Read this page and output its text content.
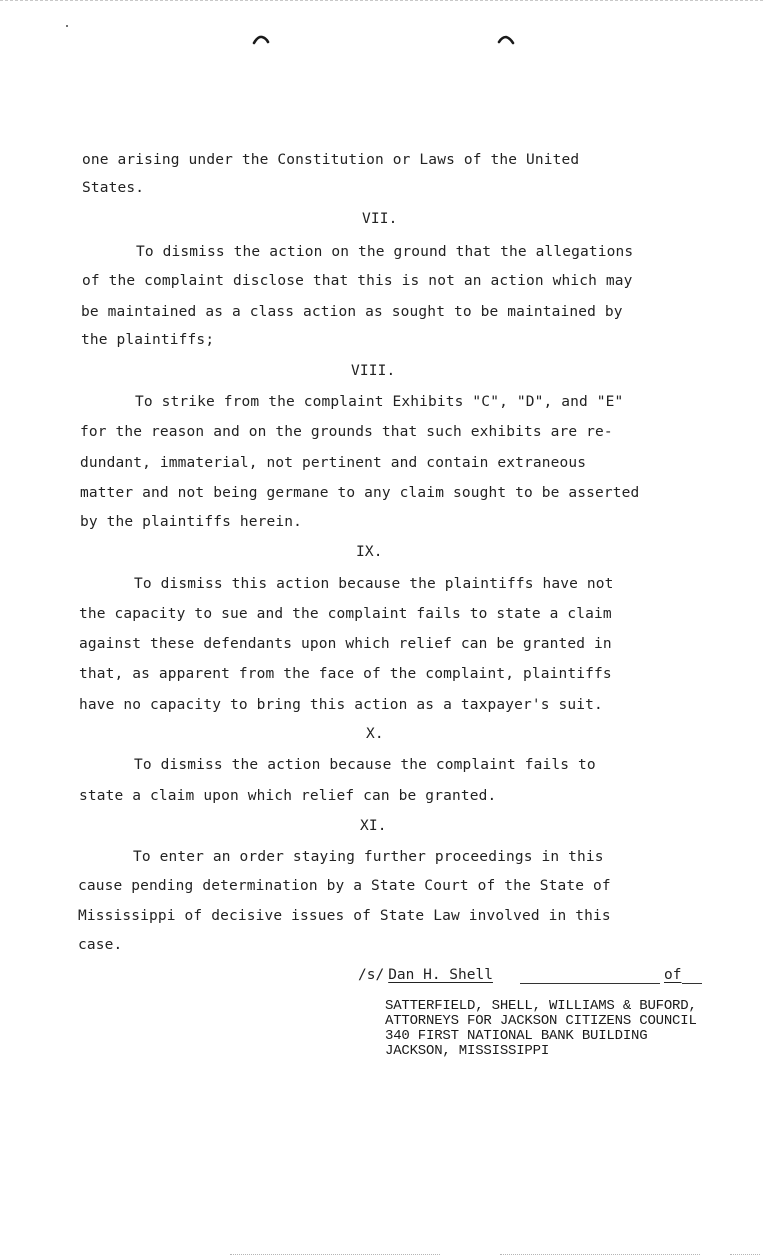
one arising under the Constitution or Laws of the United
States.
VII.
To dismiss the action on the ground that the allegations
of the complaint disclose that this is not an action which may
be maintained as a class action as sought to be maintained by
the plaintiffs;
VIII.
To strike from the complaint Exhibits "C", "D", and "E"
for the reason and on the grounds that such exhibits are re-
dundant, immaterial, not pertinent and contain extraneous
matter and not being germane to any claim sought to be asserted
by the plaintiffs herein.
IX.
To dismiss this action because the plaintiffs have not
the capacity to sue and the complaint fails to state a claim
against these defendants upon which relief can be granted in
that, as apparent from the face of the complaint, plaintiffs
have no capacity to bring this action as a taxpayer's suit.
X.
To dismiss the action because the complaint fails to
state a claim upon which relief can be granted.
XI.
To enter an order staying further proceedings in this
cause pending determination by a State Court of the State of
Mississippi of decisive issues of State Law involved in this
case.
/s/ Dan H. Shell	of
SATTERFIELD, SHELL, WILLIAMS & BUFORD,
ATTORNEYS FOR JACKSON CITIZENS COUNCIL
340 FIRST NATIONAL BANK BUILDING
JACKSON, MISSISSIPPI
